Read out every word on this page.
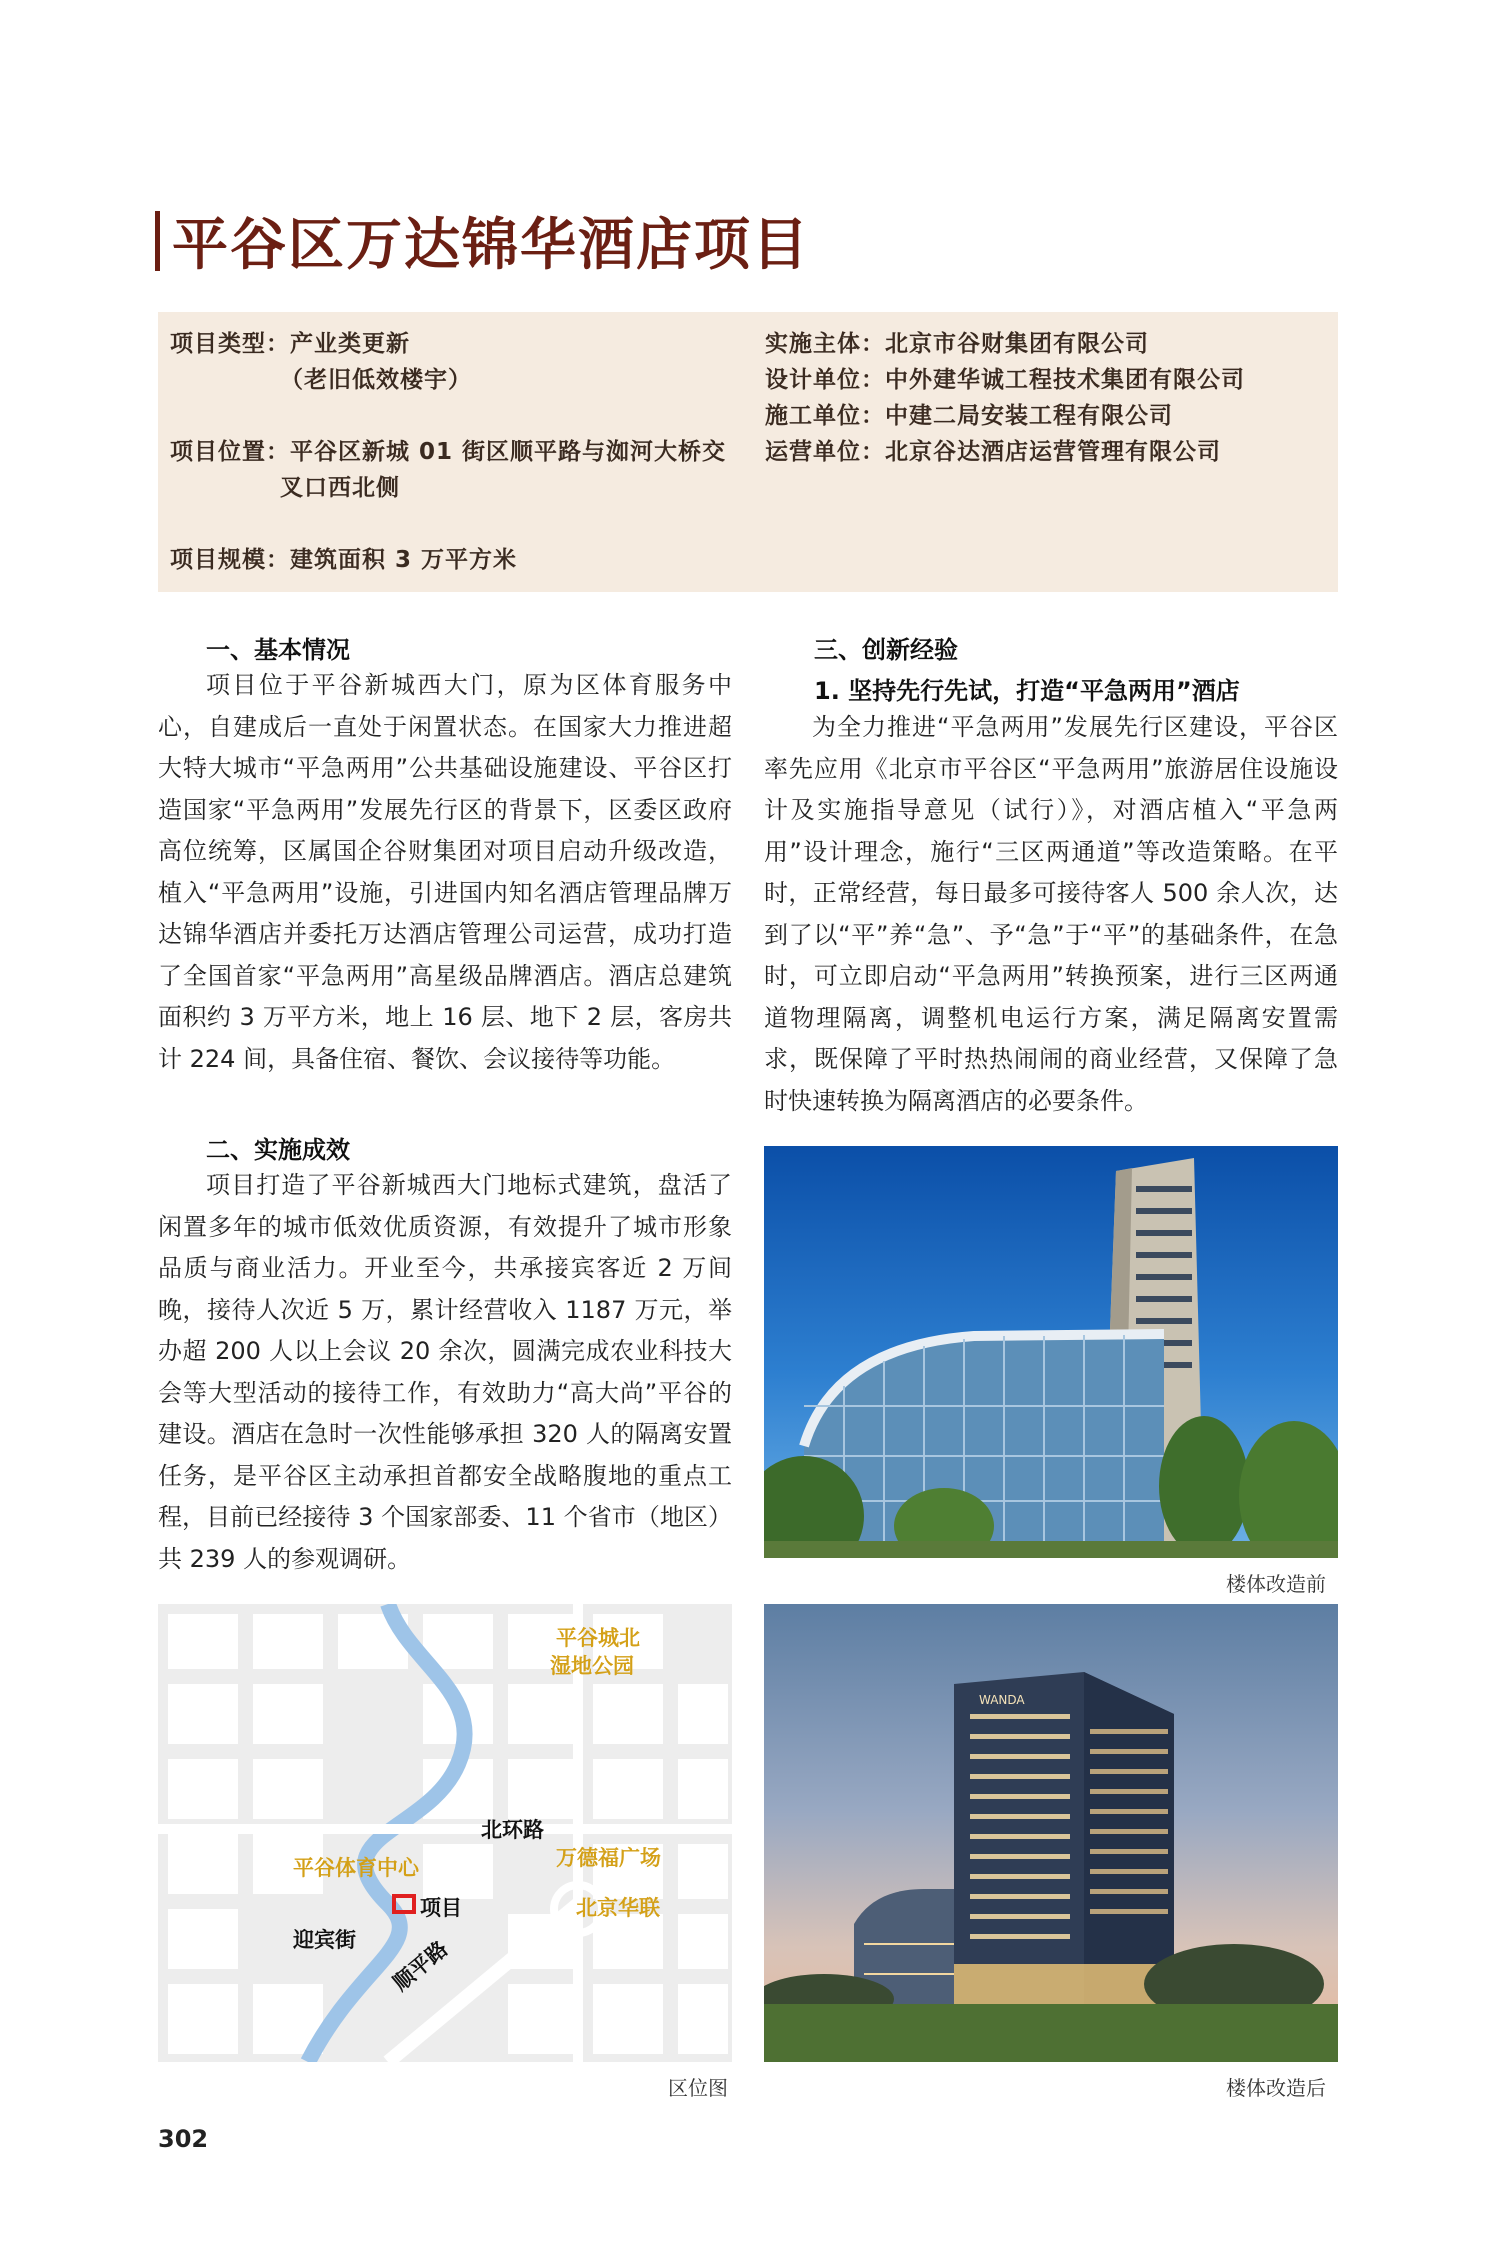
平谷区万达锦华酒店项目
项目类型：产业类更新
（老旧低效楼宇）
项目位置：平谷区新城 01 街区顺平路与洳河大桥交
叉口西北侧
项目规模：建筑面积 3 万平方米
实施主体：北京市谷财集团有限公司
设计单位：中外建华诚工程技术集团有限公司
施工单位：中建二局安装工程有限公司
运营单位：北京谷达酒店运营管理有限公司
一、基本情况
项目位于平谷新城西大门，原为区体育服务中心，自建成后一直处于闲置状态。在国家大力推进超大特大城市“平急两用”公共基础设施建设、平谷区打造国家“平急两用”发展先行区的背景下，区委区政府高位统筹，区属国企谷财集团对项目启动升级改造，植入“平急两用”设施，引进国内知名酒店管理品牌万达锦华酒店并委托万达酒店管理公司运营，成功打造了全国首家“平急两用”高星级品牌酒店。酒店总建筑面积约 3 万平方米，地上 16 层、地下 2 层，客房共计 224 间，具备住宿、餐饮、会议接待等功能。
二、实施成效
项目打造了平谷新城西大门地标式建筑，盘活了闲置多年的城市低效优质资源，有效提升了城市形象品质与商业活力。开业至今，共承接宾客近 2 万间晚，接待人次近 5 万，累计经营收入 1187 万元，举办超 200 人以上会议 20 余次，圆满完成农业科技大会等大型活动的接待工作，有效助力“高大尚”平谷的建设。酒店在急时一次性能够承担 320 人的隔离安置任务，是平谷区主动承担首都安全战略腹地的重点工程，目前已经接待 3 个国家部委、11 个省市（地区）共 239 人的参观调研。
三、创新经验
1. 坚持先行先试，打造“平急两用”酒店
为全力推进“平急两用”发展先行区建设，平谷区率先应用《北京市平谷区“平急两用”旅游居住设施设计及实施指导意见（试行）》，对酒店植入“平急两用”设计理念，施行“三区两通道”等改造策略。在平时，正常经营，每日最多可接待客人 500 余人次，达到了以“平”养“急”、予“急”于“平”的基础条件，在急时，可立即启动“平急两用”转换预案，进行三区两通道物理隔离，调整机电运行方案，满足隔离安置需求，既保障了平时热热闹闹的商业经营，又保障了急时快速转换为隔离酒店的必要条件。
楼体改造前
WANDA
楼体改造后
平谷城北
湿地公园
北环路
平谷体育中心	万德福广场
项目	北京华联
迎宾街 顺平路
区位图
302
